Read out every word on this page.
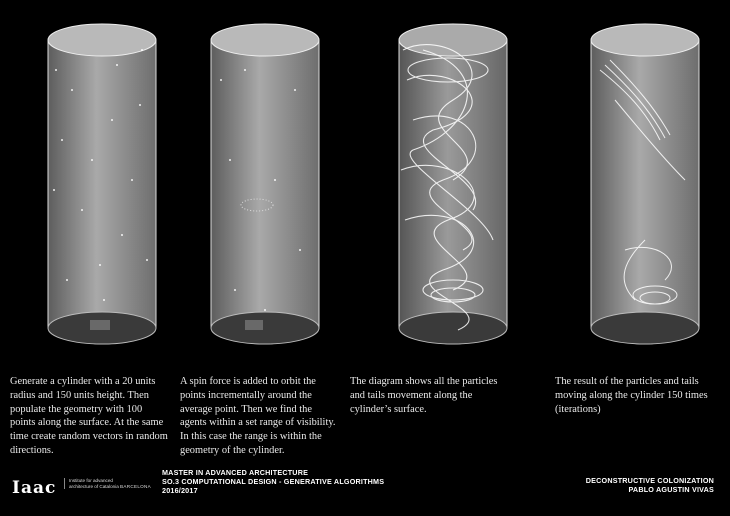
Generate a cylinder with a 20 units radius and 150 units height. Then populate the geometry with 100 points along the surface. At the same time create random vectors in random directions.

A spin force is added to orbit the points incrementally around the average point. Then we find the agents within a set range of visibility. In this case the range is within the geometry of the cylinder.

The diagram shows all the particles and tails movement along the cylinder’s surface.

The result of the particles and tails moving along the cylinder 150 times (iterations)

Iaac	Institute for advanced architecture of Catalonia BARCELONA
MASTER IN ADVANCED ARCHITECTURE
SO.3 COMPUTATIONAL DESIGN - GENERATIVE ALGORITHMS
2016/2017
DECONSTRUCTIVE COLONIZATION
PABLO AGUSTIN VIVAS
